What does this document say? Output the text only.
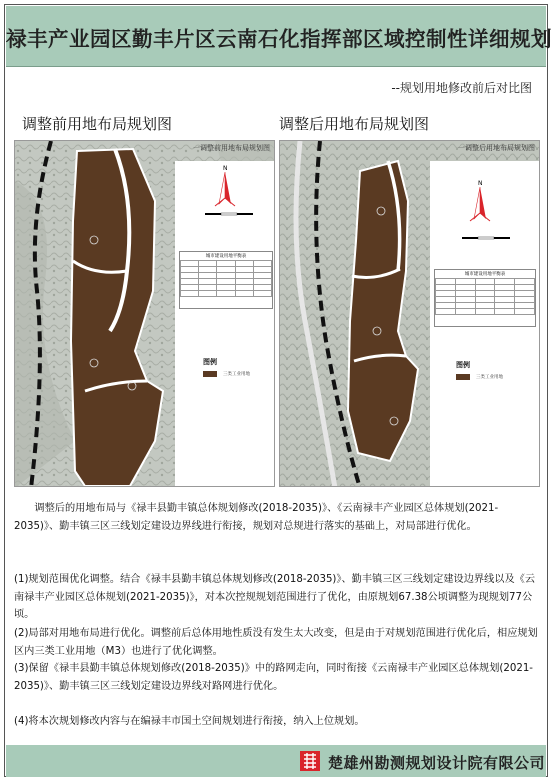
禄丰产业园区勤丰片区云南石化指挥部区域控制性详细规划
--规划用地修改前后对比图
调整前用地布局规划图	调整后用地布局规划图
N
一调整前用地布局规划图
城市建设用地平衡表

图例
三类工业用地
N
一调整后用地布局规划图
城市建设用地平衡表

图例
三类工业用地
调整后的用地布局与《禄丰县勤丰镇总体规划修改(2018-2035)》、《云南禄丰产业园区总体规划(2021-2035)》、勤丰镇三区三线划定建设边界线进行衔接，规划对总规进行落实的基础上，对局部进行优化。
(1)规划范围优化调整。结合《禄丰县勤丰镇总体规划修改(2018-2035)》、勤丰镇三区三线划定建设边界线以及《云南禄丰产业园区总体规划(2021-2035)》，对本次控规规划范围进行了优化，由原规划67.38公顷调整为现规划77公顷。
(2)局部对用地布局进行优化。调整前后总体用地性质没有发生太大改变，但是由于对规划范围进行优化后，相应规划区内三类工业用地（M3）也进行了优化调整。
(3)保留《禄丰县勤丰镇总体规划修改(2018-2035)》中的路网走向，同时衔接《云南禄丰产业园区总体规划(2021-2035)》、勤丰镇三区三线划定建设边界线对路网进行优化。
(4)将本次规划修改内容与在编禄丰市国土空间规划进行衔接，纳入上位规划。
楚雄州勘测规划设计院有限公司
